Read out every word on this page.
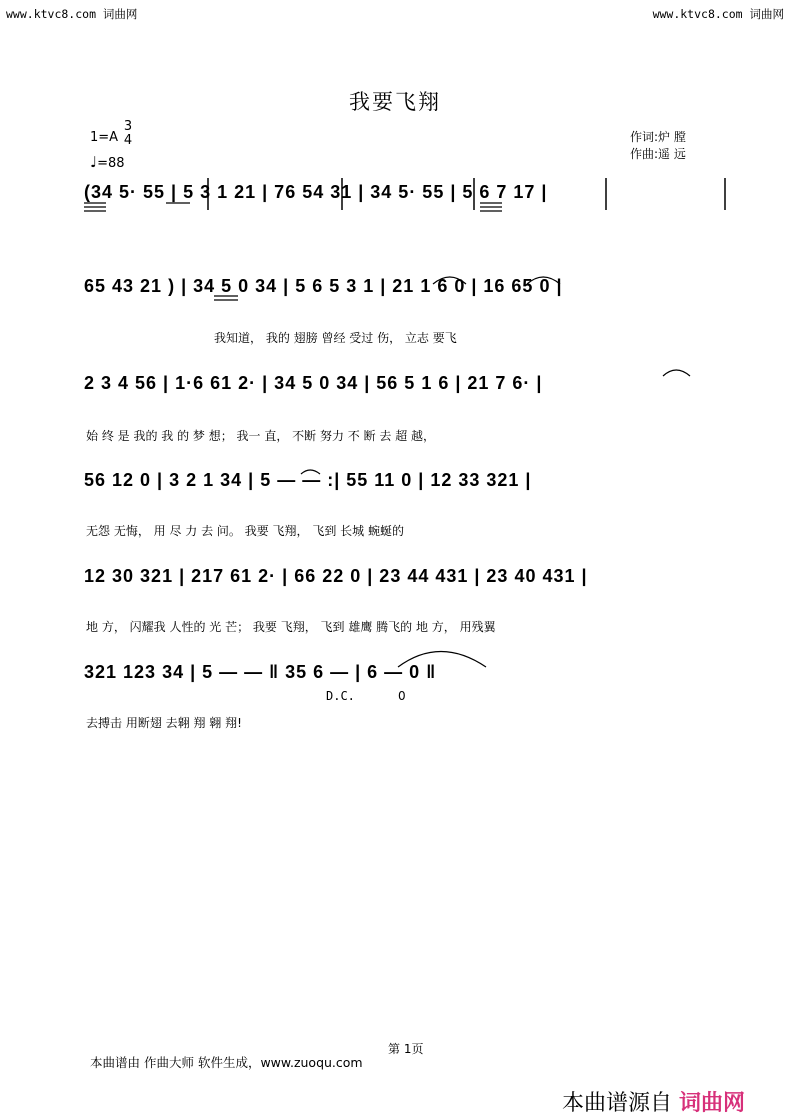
www.ktvc8.com 词曲网	www.ktvc8.com 词曲网
我要飞翔
1=A
3
4
♩=88
作词:炉 膛
作曲:遥 远
(34 5· 55 | 5 3 1 21 | 76 54 31 | 34 5· 55 | 5 6 7 17 |
65 43 21 ) | 34 5 0 34 | 5 6 5 3 1 | 21 1 6 0 | 16 65 0 |
2 3 4 56 | 1·6 61 2· | 34 5 0 34 | 56 5 1 6 | 21 7 6· |
56 12 0 | 3 2 1 34 | 5 — — :| 55 11 0 | 12 33 321 |
12 30 321 | 217 61 2· | 66 22 0 | 23 44 431 | 23 40 431 |
321 123 34 | 5 — — ‖ 35 6 — | 6 — 0 ‖
我知道， 我的 翅膀 曾经 受过 伤， 立志 要飞
始 终 是 我的 我 的 梦 想； 我一 直， 不断 努力 不 断 去 超 越，
无怨 无悔， 用 尽 力 去 问。 我要 飞翔， 飞到 长城 蜿蜒的
地 方， 闪耀我 人性的 光 芒； 我要 飞翔， 飞到 雄鹰 腾飞的 地 方， 用残翼
去搏击 用断翅 去翱 翔 翱 翔!
D.C.	0
第 1页
本曲谱由 作曲大师 软件生成，www.zuoqu.com
本曲谱源自 词曲网
